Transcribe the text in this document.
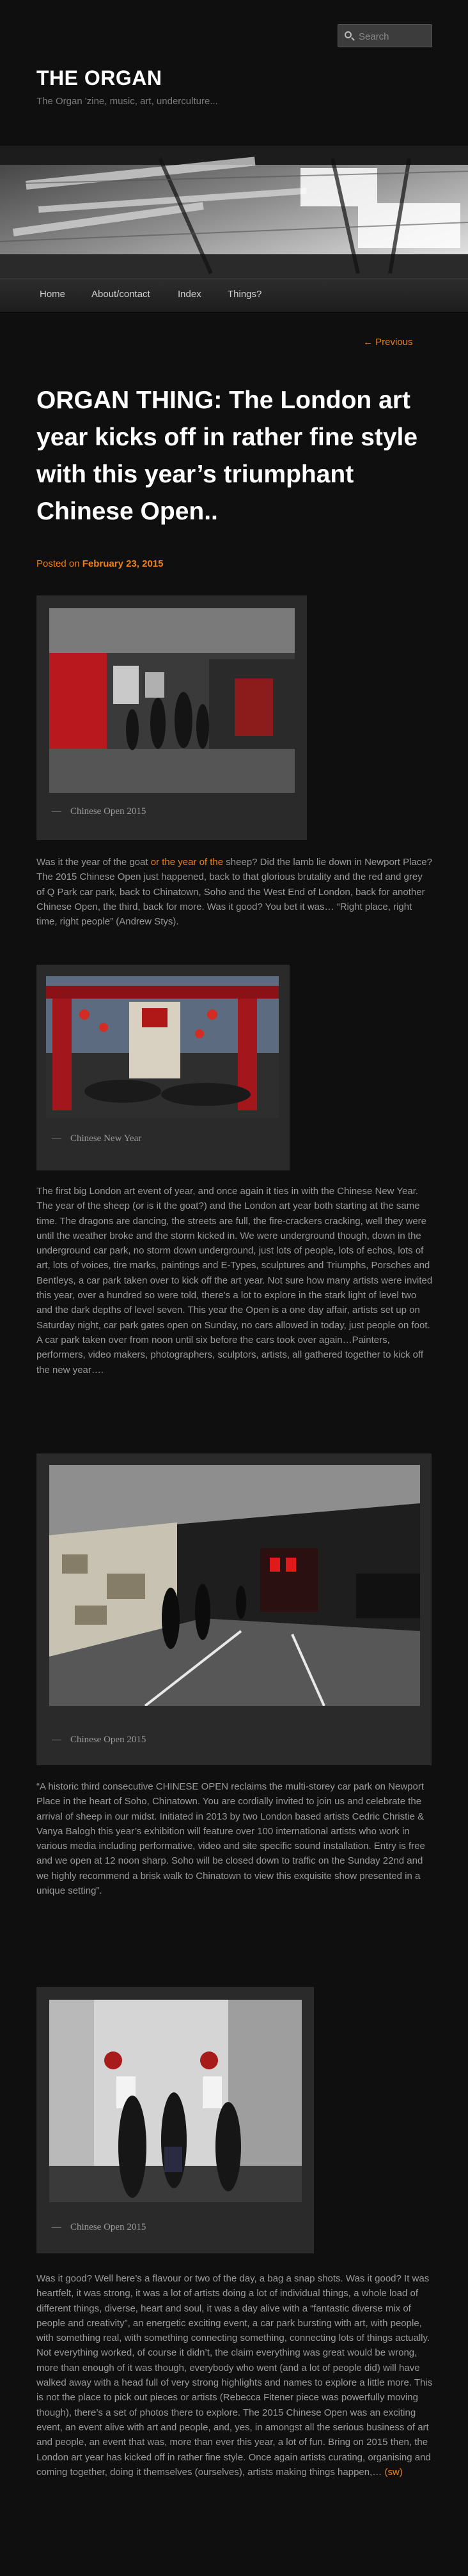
Search
THE ORGAN
The Organ 'zine, music, art, underculture...
Home	About/contact	Index	Things?
← Previous
ORGAN THING: The London art year kicks off in rather fine style with this year’s triumphant Chinese Open..
Posted on February 23, 2015
— Chinese Open 2015
Was it the year of the goat or the year of the sheep? Did the lamb lie down in Newport Place? The 2015 Chinese Open just happened, back to that glorious brutality and the red and grey of Q Park car park, back to Chinatown, Soho and the West End of London, back for another Chinese Open, the third, back for more. Was it good? You bet it was… “Right place, right time, right people” (Andrew Stys).
— Chinese New Year
The first big London art event of year, and once again it ties in with the Chinese New Year. The year of the sheep (or is it the goat?) and the London art year both starting at the same time. The dragons are dancing, the streets are full, the fire-crackers cracking, well they were until the weather broke and the storm kicked in. We were underground though, down in the underground car park, no storm down underground, just lots of people, lots of echos, lots of art, lots of voices, tire marks, paintings and E-Types, sculptures and Triumphs, Porsches and Bentleys, a car park taken over to kick off the art year. Not sure how many artists were invited this year, over a hundred so were told, there’s a lot to explore in the stark light of level two and the dark depths of level seven. This year the Open is a one day affair, artists set up on Saturday night, car park gates open on Sunday, no cars allowed in today, just people on foot. A car park taken over from noon until six before the cars took over again…Painters, performers, video makers, photographers, sculptors, artists, all gathered together to kick off the new year….
— Chinese Open 2015
“A historic third consecutive CHINESE OPEN reclaims the multi-storey car park on Newport Place in the heart of Soho, Chinatown. You are cordially invited to join us and celebrate the arrival of sheep in our midst. Initiated in 2013 by two London based artists Cedric Christie & Vanya Balogh this year’s exhibition will feature over 100 international artists who work in various media including performative, video and site specific sound installation. Entry is free and we open at 12 noon sharp. Soho will be closed down to traffic on the Sunday 22nd and we highly recommend a brisk walk to Chinatown to view this exquisite show presented in a unique setting”.
— Chinese Open 2015
Was it good? Well here’s a flavour or two of the day, a bag a snap shots. Was it good? It was heartfelt, it was strong, it was a lot of artists doing a lot of individual things, a whole load of different things, diverse, heart and soul, it was a day alive with a “fantastic diverse mix of people and creativity”, an energetic exciting event, a car park bursting with art, with people, with something real, with something connecting something, connecting lots of things actually. Not everything worked, of course it didn’t, the claim everything was great would be wrong, more than enough of it was though, everybody who went (and a lot of people did) will have walked away with a head full of very strong highlights and names to explore a little more. This is not the place to pick out pieces or artists (Rebecca Fitener piece was powerfully moving though), there’s a set of photos there to explore. The 2015 Chinese Open was an exciting event, an event alive with art and people, and, yes, in amongst all the serious business of art and people, an event that was, more than ever this year, a lot of fun. Bring on 2015 then, the London art year has kicked off in rather fine style. Once again artists curating, organising and coming together, doing it themselves (ourselves), artists making things happen,… (sw)
